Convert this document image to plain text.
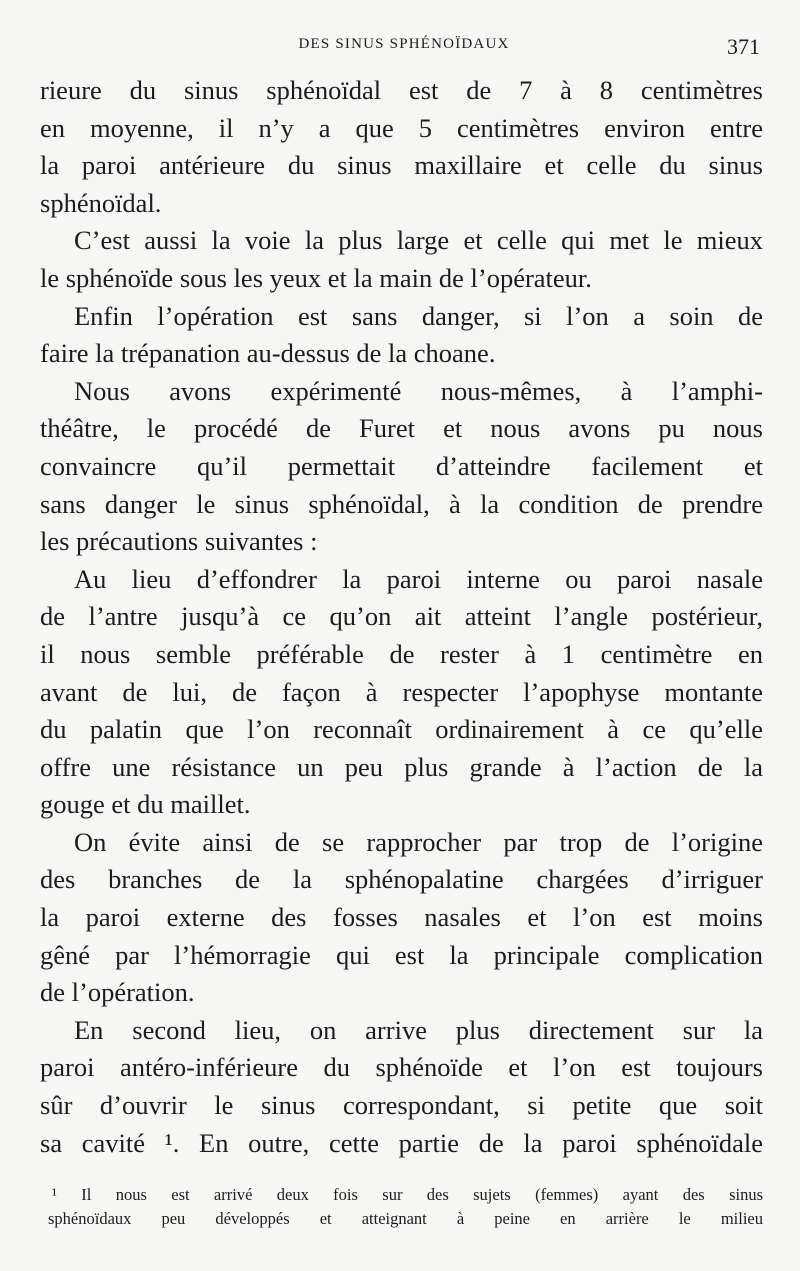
DES SINUS SPHÉNOÏDAUX	371
rieure du sinus sphénoïdal est de 7 à 8 centimètres
en moyenne, il n’y a que 5 centimètres environ entre
la paroi antérieure du sinus maxillaire et celle du sinus
sphénoïdal.
C’est aussi la voie la plus large et celle qui met le mieux
le sphénoïde sous les yeux et la main de l’opérateur.
Enfin l’opération est sans danger, si l’on a soin de
faire la trépanation au-dessus de la choane.
Nous avons expérimenté nous-mêmes, à l’amphi-
théâtre, le procédé de Furet et nous avons pu nous
convaincre qu’il permettait d’atteindre facilement et
sans danger le sinus sphénoïdal, à la condition de prendre
les précautions suivantes :
Au lieu d’effondrer la paroi interne ou paroi nasale
de l’antre jusqu’à ce qu’on ait atteint l’angle postérieur,
il nous semble préférable de rester à 1 centimètre en
avant de lui, de façon à respecter l’apophyse montante
du palatin que l’on reconnaît ordinairement à ce qu’elle
offre une résistance un peu plus grande à l’action de la
gouge et du maillet.
On évite ainsi de se rapprocher par trop de l’origine
des branches de la sphénopalatine chargées d’irriguer
la paroi externe des fosses nasales et l’on est moins
gêné par l’hémorragie qui est la principale complication
de l’opération.
En second lieu, on arrive plus directement sur la
paroi antéro-inférieure du sphénoïde et l’on est toujours
sûr d’ouvrir le sinus correspondant, si petite que soit
sa cavité ¹. En outre, cette partie de la paroi sphénoïdale
¹ Il nous est arrivé deux fois sur des sujets (femmes) ayant des sinus
sphénoïdaux peu développés et atteignant à peine en arrière le milieu
